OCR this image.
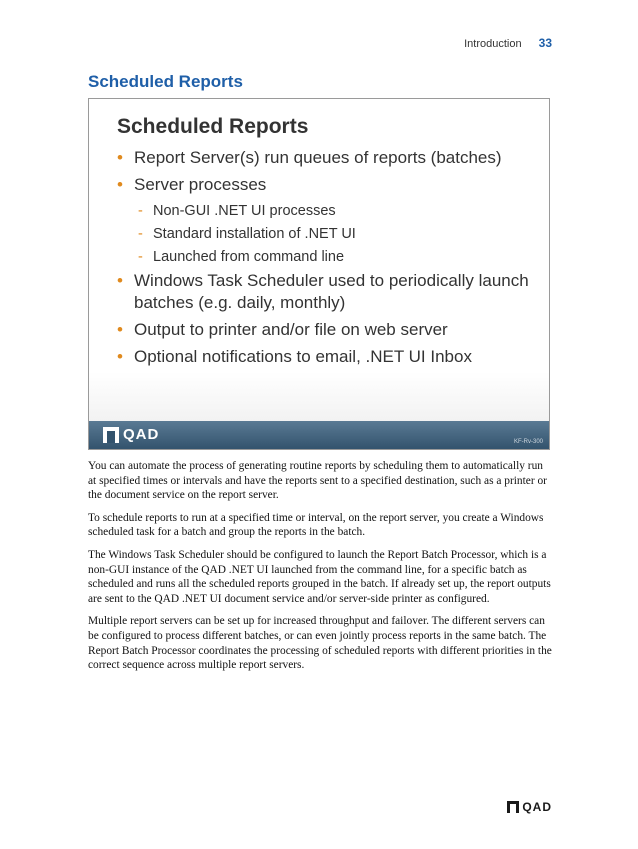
Introduction 33
Scheduled Reports
Scheduled Reports
• Report Server(s) run queues of reports (batches)
• Server processes
- Non-GUI .NET UI processes
- Standard installation of .NET UI
- Launched from command line
• Windows Task Scheduler used to periodically launch batches (e.g. daily, monthly)
• Output to printer and/or file on web server
• Optional notifications to email, .NET UI Inbox
QAD	KF-Rv-300

You can automate the process of generating routine reports by scheduling them to automatically run at specified times or intervals and have the reports sent to a specified destination, such as a printer or the document service on the report server.

To schedule reports to run at a specified time or interval, on the report server, you create a Windows scheduled task for a batch and group the reports in the batch.

The Windows Task Scheduler should be configured to launch the Report Batch Processor, which is a non-GUI instance of the QAD .NET UI launched from the command line, for a specific batch as scheduled and runs all the scheduled reports grouped in the batch. If already set up, the report outputs are sent to the QAD .NET UI document service and/or server-side printer as configured.

Multiple report servers can be set up for increased throughput and failover. The different servers can be configured to process different batches, or can even jointly process reports in the same batch. The Report Batch Processor coordinates the processing of scheduled reports with different priorities in the correct sequence across multiple report servers.

QAD
